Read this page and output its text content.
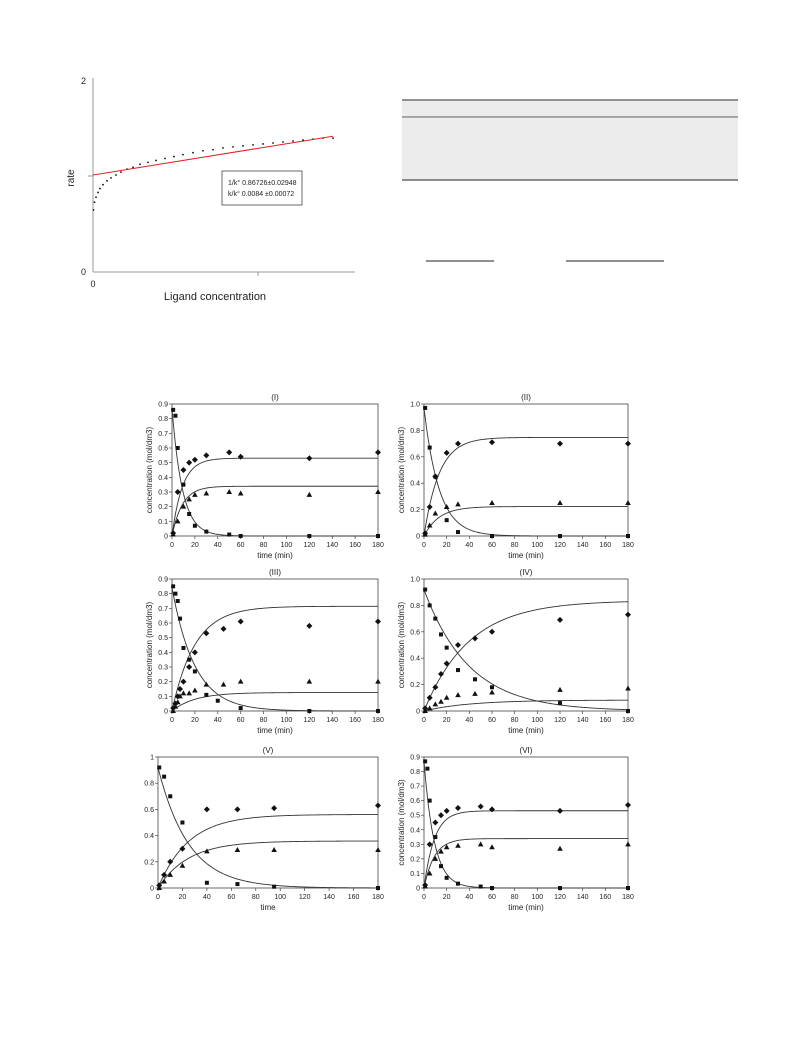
2
0
0
rate
Ligand concentration
1/k° 0.86726±0.02948
k/k° 0.0084 ±0.00072
(I)
0 20 40 60 80 100 120 140 160 180
0
0.1
0.2
0.3
0.4
0.5
0.6
0.7
0.8
0.9
time (min)
concentration (mol/dm3)
(II)
0 20 40 60 80 100 120 140 160 180
0
0.2
0.4
0.6
0.8
1.0
time (min)
concentration (mol/dm3)
(III)
0 20 40 60 80 100 120 140 160 180
0
0.1
0.2
0.3
0.4
0.5
0.6
0.7
0.8
0.9
time (min)
concentration (mol/dm3)
(IV)
0 20 40 60 80 100 120 140 160 180
0
0.2
0.4
0.6
0.8
1.0
time (min)
concentration (mol/dm3)
(V)
0	20 40 60 80 100 120 140 160 180
0
0.2
0.4
0.6
0.8
1
time
(VI)
0 20 40 60 80 100 120 140 160 180
0
0.1
0.2
0.3
0.4
0.5
0.6
0.7
0.8
0.9
time (min)
concentration (mol/dm3)
